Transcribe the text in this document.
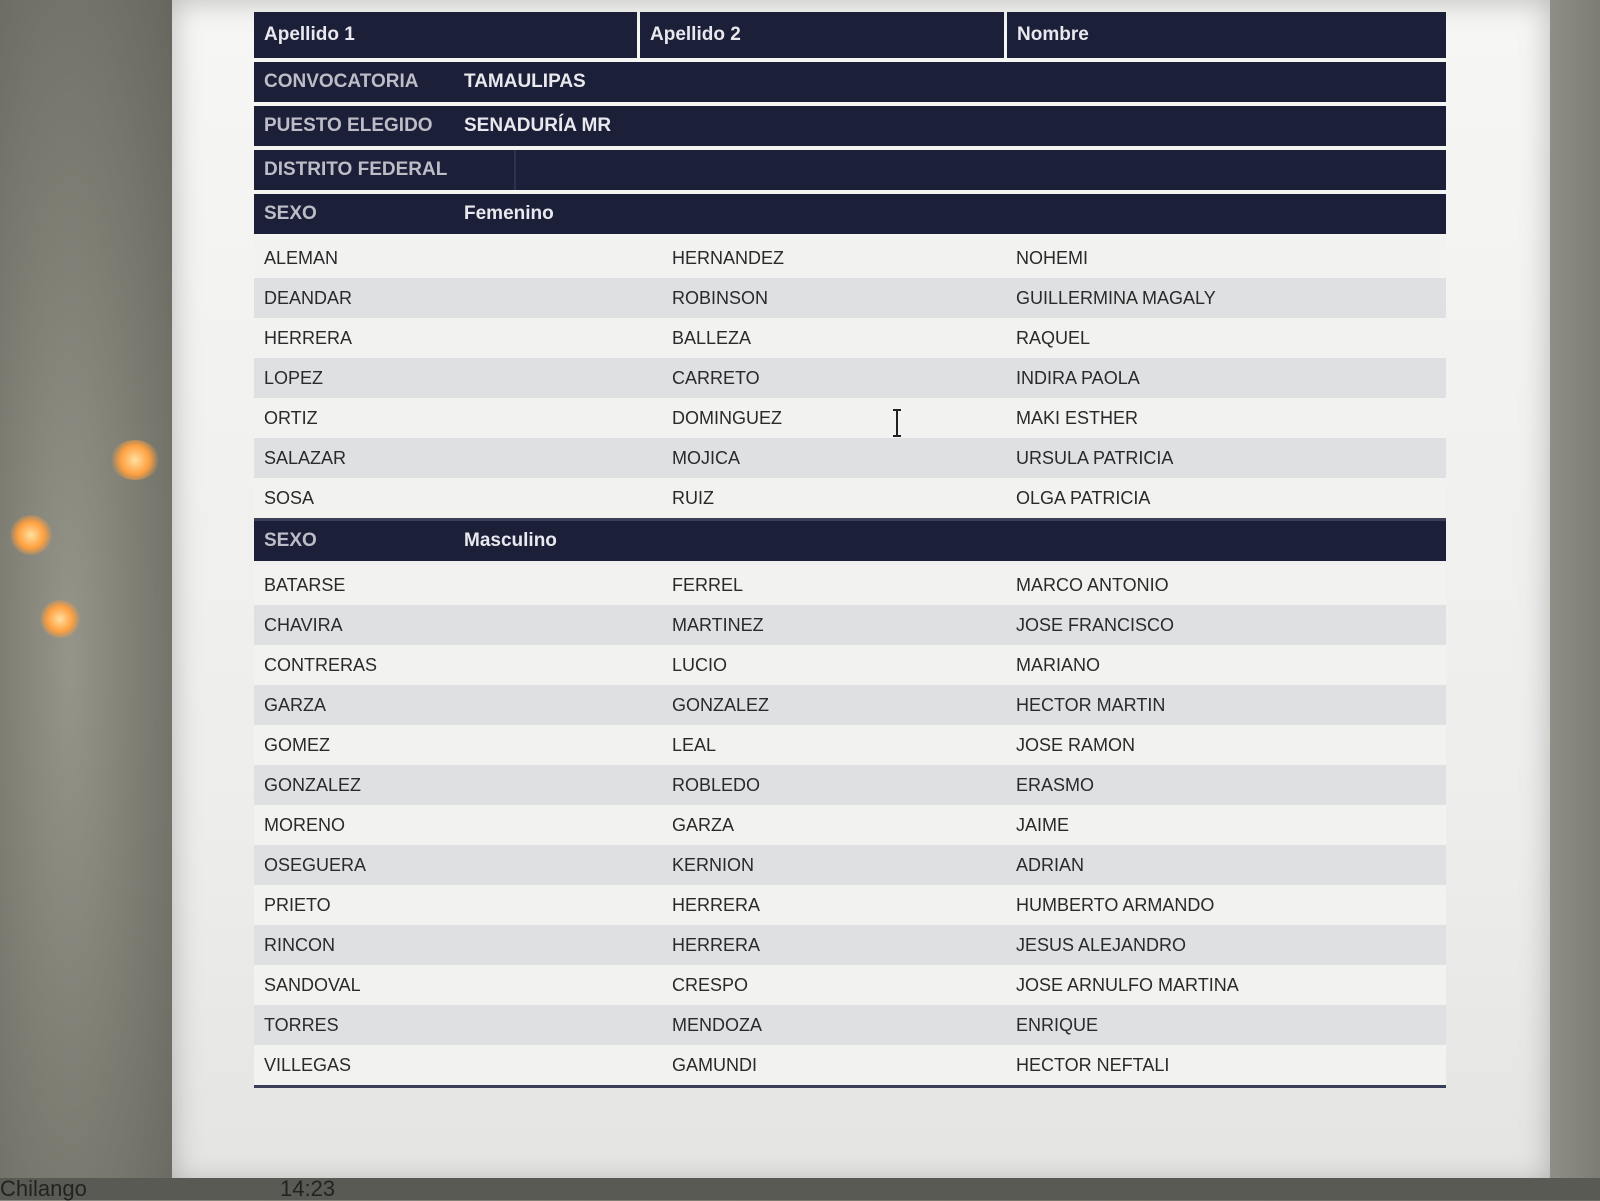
Apellido 1	Apellido 2	Nombre
CONVOCATORIA	TAMAULIPAS
PUESTO ELEGIDO	SENADURÍA MR
DISTRITO FEDERAL
SEXO	Femenino
ALEMAN	HERNANDEZ	NOHEMI
DEANDAR	ROBINSON	GUILLERMINA MAGALY
HERRERA	BALLEZA	RAQUEL
LOPEZ	CARRETO	INDIRA PAOLA
ORTIZ	DOMINGUEZ	MAKI ESTHER
SALAZAR	MOJICA	URSULA PATRICIA
SOSA	RUIZ	OLGA PATRICIA
SEXO	Masculino
BATARSE	FERREL	MARCO ANTONIO
CHAVIRA	MARTINEZ	JOSE FRANCISCO
CONTRERAS	LUCIO	MARIANO
GARZA	GONZALEZ	HECTOR MARTIN
GOMEZ	LEAL	JOSE RAMON
GONZALEZ	ROBLEDO	ERASMO
MORENO	GARZA	JAIME
OSEGUERA	KERNION	ADRIAN
PRIETO	HERRERA	HUMBERTO ARMANDO
RINCON	HERRERA	JESUS ALEJANDRO
SANDOVAL	CRESPO	JOSE ARNULFO MARTINA
TORRES	MENDOZA	ENRIQUE
VILLEGAS	GAMUNDI	HECTOR NEFTALI
Chilango	14:23
